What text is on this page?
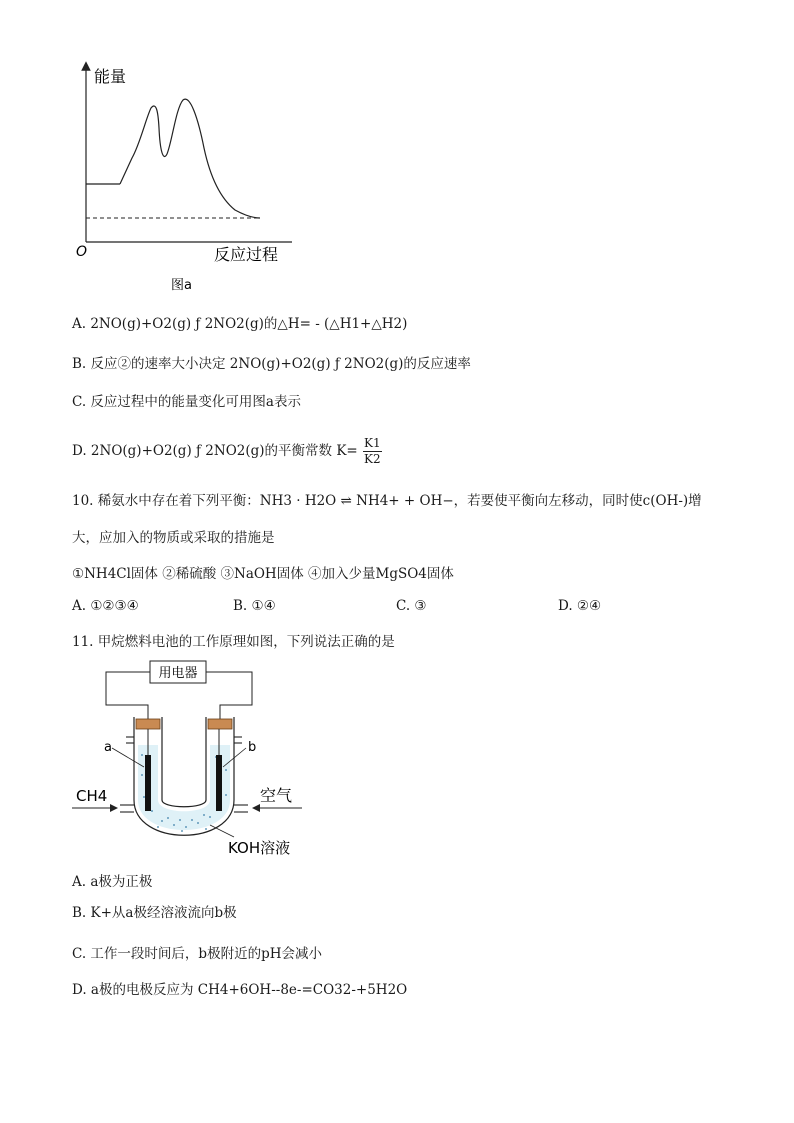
能量
O	反应过程
图a
A. 2NO(g)+O2(g) ƒ 2NO2(g)的△H= - (△H1+△H2)
B. 反应②的速率大小决定 2NO(g)+O2(g) ƒ 2NO2(g)的反应速率
C. 反应过程中的能量变化可用图a表示
D. 2NO(g)+O2(g) ƒ 2NO2(g)的平衡常数 $K= \frac{K1}{K2}$
10. 稀氨水中存在着下列平衡：NH3 · H2O ⇌ NH4+ + OH−，若要使平衡向左移动，同时使c(OH-)增
大，应加入的物质或采取的措施是
①NH4Cl固体 ②稀硫酸 ③NaOH固体 ④加入少量MgSO4固体
A. ①②③④	B. ①④	C. ③	D. ②④
11. 甲烷燃料电池的工作原理如图，下列说法正确的是
用电器
a	b
CH4	空气
KOH溶液
A. a极为正极
B. K+从a极经溶液流向b极
C. 工作一段时间后，b极附近的pH会减小
D. a极的电极反应为 CH4+6OH--8e-=CO32-+5H2O
